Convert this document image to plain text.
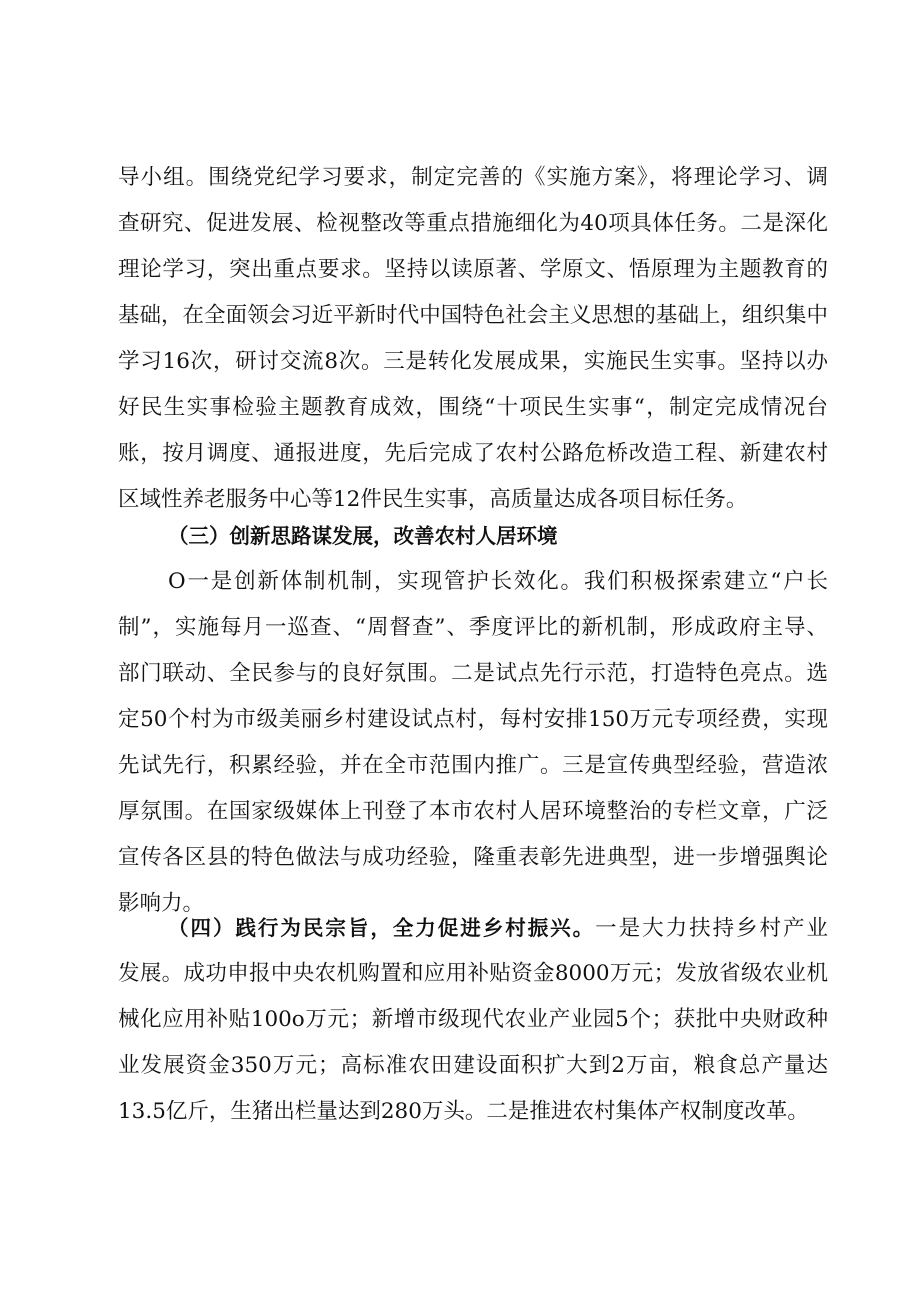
导小组。围绕党纪学习要求，制定完善的《实施方案》，将理论学习、调
查研究、促进发展、检视整改等重点措施细化为40项具体任务。二是深化
理论学习，突出重点要求。坚持以读原著、学原文、悟原理为主题教育的
基础，在全面领会习近平新时代中国特色社会主义思想的基础上，组织集中
学习16次，研讨交流8次。三是转化发展成果，实施民生实事。坚持以办
好民生实事检验主题教育成效，围绕“十项民生实事“，制定完成情况台
账，按月调度、通报进度，先后完成了农村公路危桥改造工程、新建农村
区域性养老服务中心等12件民生实事，高质量达成各项目标任务。
（三）创新思路谋发展，改善农村人居环境
O一是创新体制机制，实现管护长效化。我们积极探索建立“户长
制”，实施每月一巡查、“周督查”、季度评比的新机制，形成政府主导、
部门联动、全民参与的良好氛围。二是试点先行示范，打造特色亮点。选
定50个村为市级美丽乡村建设试点村，每村安排150万元专项经费，实现
先试先行，积累经验，并在全市范围内推广。三是宣传典型经验，营造浓
厚氛围。在国家级媒体上刊登了本市农村人居环境整治的专栏文章，广泛
宣传各区县的特色做法与成功经验，隆重表彰先进典型，进一步增强舆论
影响力。
（四）践行为民宗旨，全力促进乡村振兴。一是大力扶持乡村产业
发展。成功申报中央农机购置和应用补贴资金8000万元；发放省级农业机
械化应用补贴100o万元；新增市级现代农业产业园5个；获批中央财政种
业发展资金350万元；高标准农田建设面积扩大到2万亩，粮食总产量达
13.5亿斤，生猪出栏量达到280万头。二是推进农村集体产权制度改革。
